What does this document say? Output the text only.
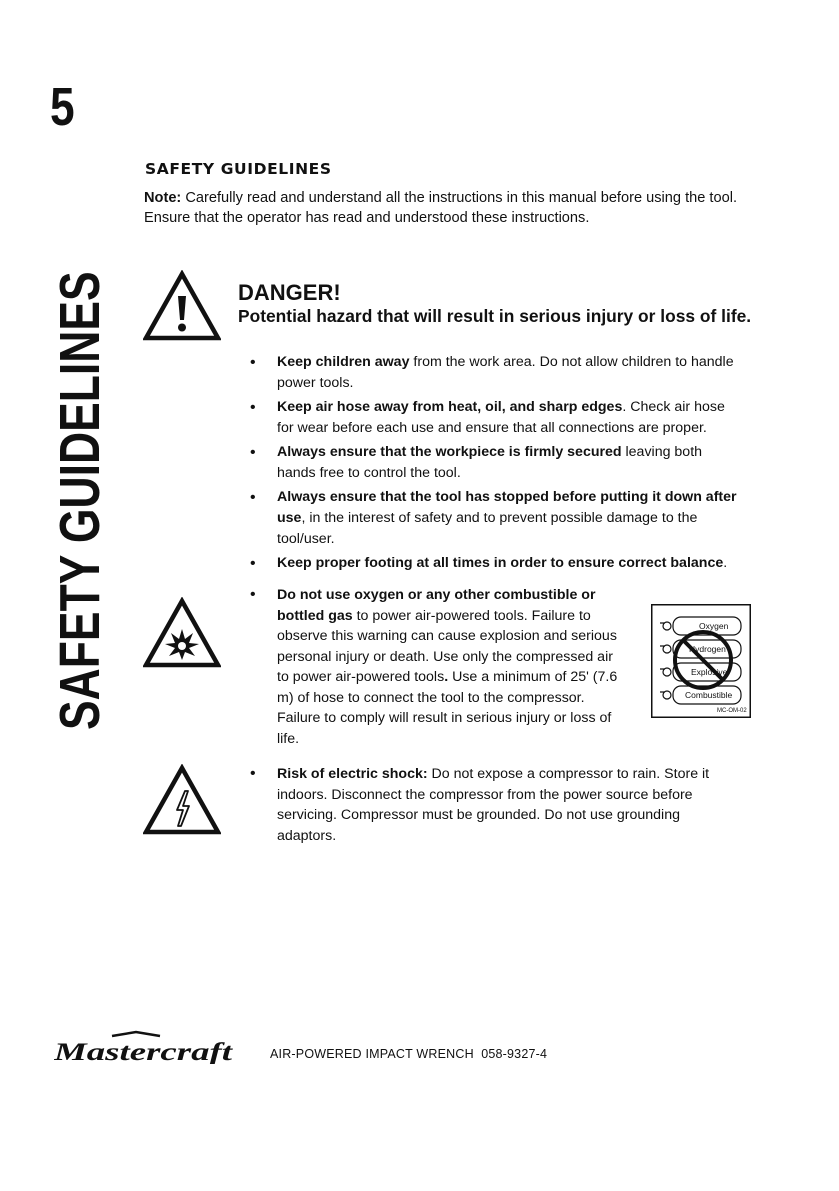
5
SAFETY GUIDELINES
SAFETY GUIDELINES
Note: Carefully read and understand all the instructions in this manual before using the tool. Ensure that the operator has read and understood these instructions.
DANGER!
Potential hazard that will result in serious injury or loss of life.
• Keep children away from the work area. Do not allow children to handle power tools.
• Keep air hose away from heat, oil, and sharp edges. Check air hose for wear before each use and ensure that all connections are proper.
• Always ensure that the workpiece is firmly secured leaving both hands free to control the tool.
• Always ensure that the tool has stopped before putting it down after use, in the interest of safety and to prevent possible damage to the tool/user.
• Keep proper footing at all times in order to ensure correct balance.
• Do not use oxygen or any other combustible or bottled gas to power air-powered tools. Failure to observe this warning can cause explosion and serious personal injury or death. Use only the compressed air to power air-powered tools. Use a minimum of 25' (7.6 m) of hose to connect the tool to the compressor. Failure to comply will result in serious injury or loss of life.
Oxygen
Hydrogen
Explosive
Combustible
MC-OM-02
• Risk of electric shock: Do not expose a compressor to rain. Store it indoors. Disconnect the compressor from the power source before servicing. Compressor must be grounded. Do not use grounding adaptors.
Mastercraft	AIR-POWERED IMPACT WRENCH  058-9327-4
